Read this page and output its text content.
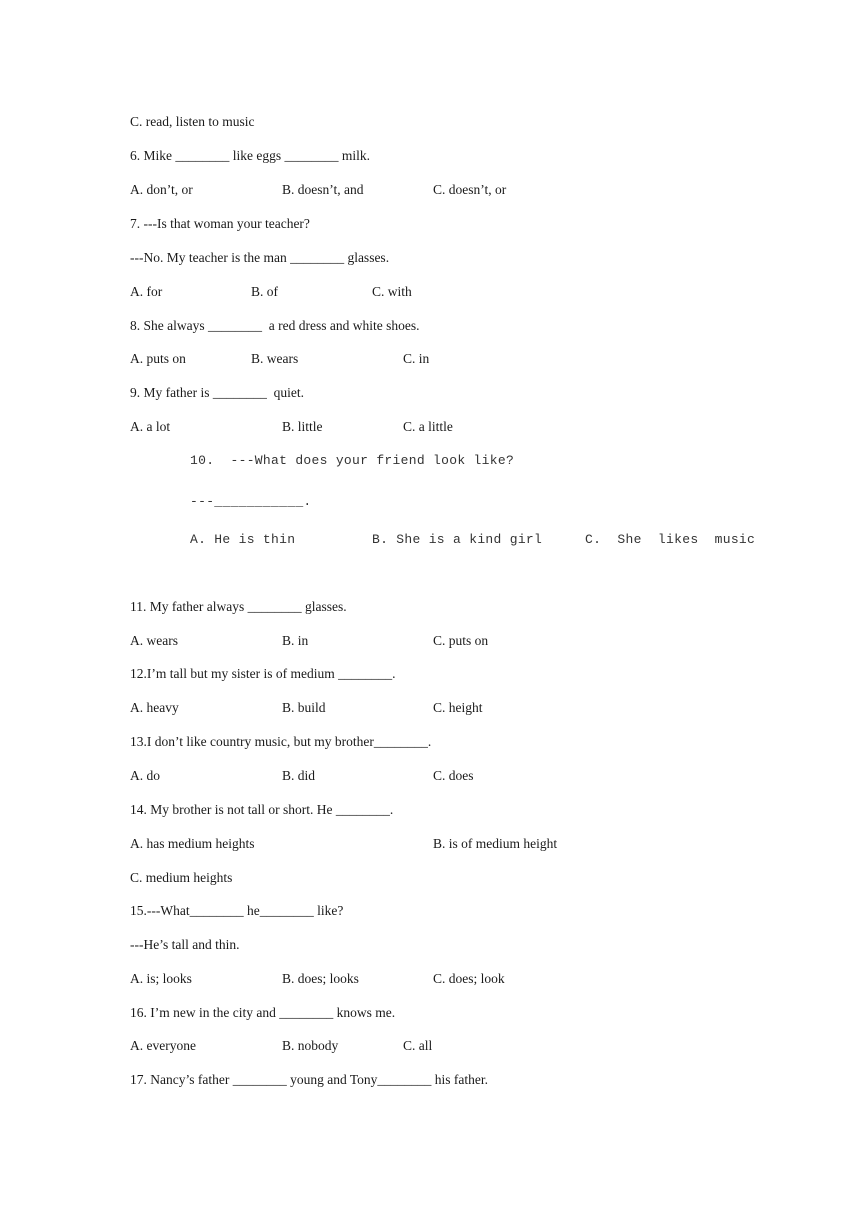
C. read, listen to music
6. Mike ________ like eggs ________ milk.
A. don’t, or	B. doesn’t, and	C. doesn’t, or
7. ---Is that woman your teacher?
---No. My teacher is the man ________ glasses.
A. for	B. of	C. with
8. She always ________  a red dress and white shoes.
A. puts on	B. wears	C. in
9. My father is ________  quiet.
A. a lot	B. little	C. a little
10.  ---What does your friend look like?
---___________.
A. He is thin	B. She is a kind girl	C.  She  likes  music
11. My father always ________ glasses.
A. wears	B. in	C. puts on
12.I’m tall but my sister is of medium ________.
A. heavy	B. build	C. height
13.I don’t like country music, but my brother________.
A. do	B. did	C. does
14. My brother is not tall or short. He ________.
A. has medium heights	B. is of medium height
C. medium heights
15.---What________ he________ like?
---He’s tall and thin.
A. is; looks	B. does; looks	C. does; look
16. I’m new in the city and ________ knows me.
A. everyone	B. nobody	C. all
17. Nancy’s father ________ young and Tony________ his father.
